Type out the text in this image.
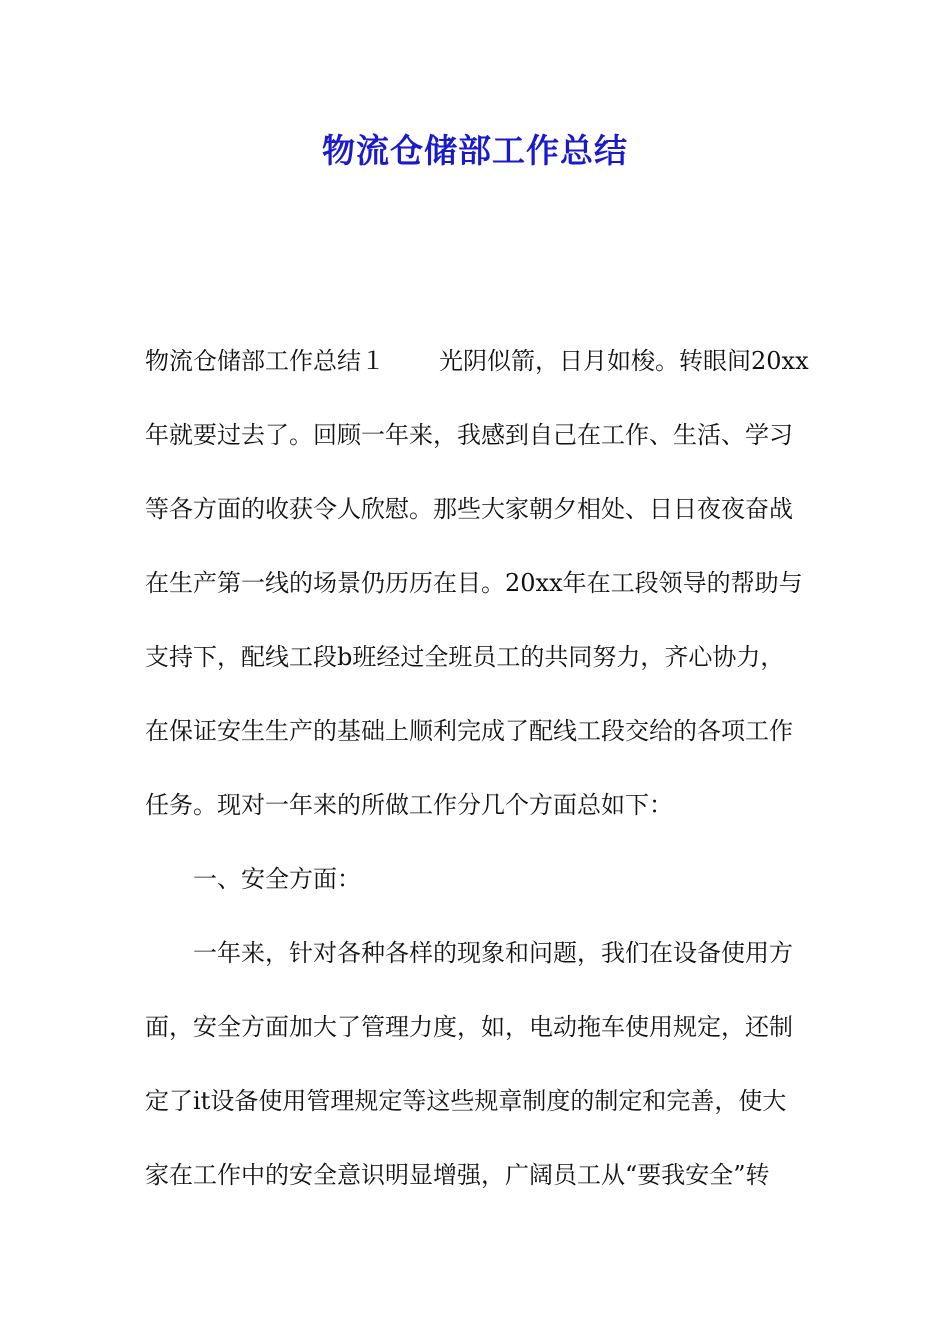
物流仓储部工作总结
物流仓储部工作总结１ 光阴似箭，日月如梭。转眼间20xx
年就要过去了。回顾一年来，我感到自己在工作、生活、学习
等各方面的收获令人欣慰。那些大家朝夕相处、日日夜夜奋战
在生产第一线的场景仍历历在目。20xx年在工段领导的帮助与
支持下，配线工段b班经过全班员工的共同努力，齐心协力，
在保证安生生产的基础上顺利完成了配线工段交给的各项工作
任务。现对一年来的所做工作分几个方面总如下：
一、安全方面：
一年来，针对各种各样的现象和问题，我们在设备使用方
面，安全方面加大了管理力度，如，电动拖车使用规定，还制
定了it设备使用管理规定等这些规章制度的制定和完善，使大
家在工作中的安全意识明显增强，广阔员工从“要我安全”转
